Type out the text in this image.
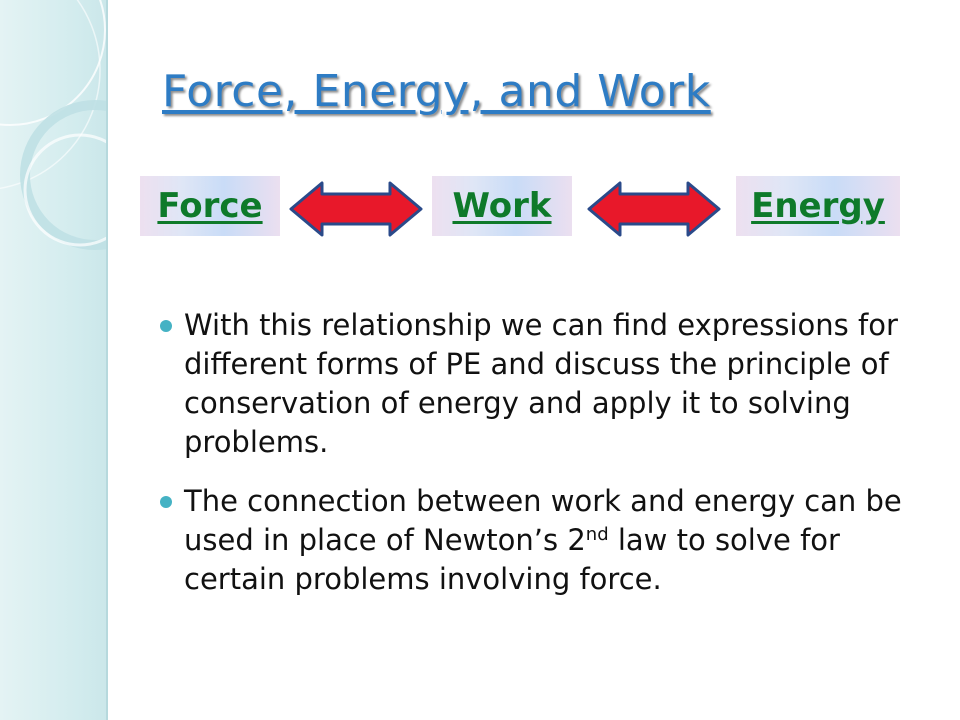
Force, Energy, and Work
Force	Work	Energy
With this relationship we can find expressions for different forms of PE and discuss the principle of conservation of energy and apply it to solving problems.
The connection between work and energy can be used in place of Newton’s 2nd law to solve for certain problems involving force.
